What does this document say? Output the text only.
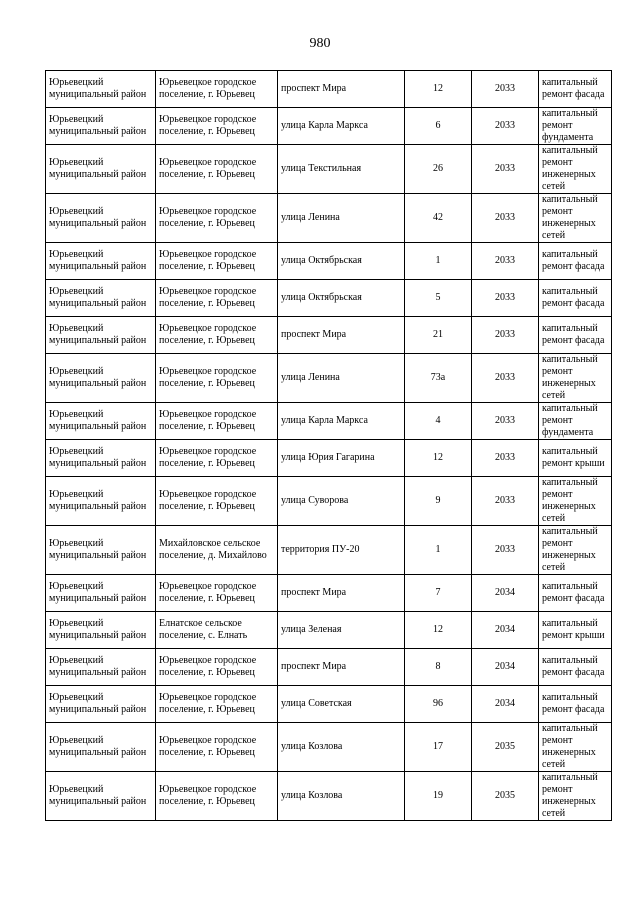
980
Юрьевецкий муниципальный район	Юрьевецкое городское поселение, г. Юрьевец	проспект Мира	12	2033	капитальный ремонт фасада
Юрьевецкий муниципальный район	Юрьевецкое городское поселение, г. Юрьевец	улица Карла Маркса	6	2033	капитальный ремонт фундамента
Юрьевецкий муниципальный район	Юрьевецкое городское поселение, г. Юрьевец	улица Текстильная	26	2033	капитальный ремонт инженерных сетей
Юрьевецкий муниципальный район	Юрьевецкое городское поселение, г. Юрьевец	улица Ленина	42	2033	капитальный ремонт инженерных сетей
Юрьевецкий муниципальный район	Юрьевецкое городское поселение, г. Юрьевец	улица Октябрьская	1	2033	капитальный ремонт фасада
Юрьевецкий муниципальный район	Юрьевецкое городское поселение, г. Юрьевец	улица Октябрьская	5	2033	капитальный ремонт фасада
Юрьевецкий муниципальный район	Юрьевецкое городское поселение, г. Юрьевец	проспект Мира	21	2033	капитальный ремонт фасада
Юрьевецкий муниципальный район	Юрьевецкое городское поселение, г. Юрьевец	улица Ленина	73а	2033	капитальный ремонт инженерных сетей
Юрьевецкий муниципальный район	Юрьевецкое городское поселение, г. Юрьевец	улица Карла Маркса	4	2033	капитальный ремонт фундамента
Юрьевецкий муниципальный район	Юрьевецкое городское поселение, г. Юрьевец	улица Юрия Гагарина	12	2033	капитальный ремонт крыши
Юрьевецкий муниципальный район	Юрьевецкое городское поселение, г. Юрьевец	улица Суворова	9	2033	капитальный ремонт инженерных сетей
Юрьевецкий муниципальный район	Михайловское сельское поселение, д. Михайлово	территория ПУ-20	1	2033	капитальный ремонт инженерных сетей
Юрьевецкий муниципальный район	Юрьевецкое городское поселение, г. Юрьевец	проспект Мира	7	2034	капитальный ремонт фасада
Юрьевецкий муниципальный район	Елнатское сельское поселение, с. Елнать	улица Зеленая	12	2034	капитальный ремонт крыши
Юрьевецкий муниципальный район	Юрьевецкое городское поселение, г. Юрьевец	проспект Мира	8	2034	капитальный ремонт фасада
Юрьевецкий муниципальный район	Юрьевецкое городское поселение, г. Юрьевец	улица Советская	96	2034	капитальный ремонт фасада
Юрьевецкий муниципальный район	Юрьевецкое городское поселение, г. Юрьевец	улица Козлова	17	2035	капитальный ремонт инженерных сетей
Юрьевецкий муниципальный район	Юрьевецкое городское поселение, г. Юрьевец	улица Козлова	19	2035	капитальный ремонт инженерных сетей
